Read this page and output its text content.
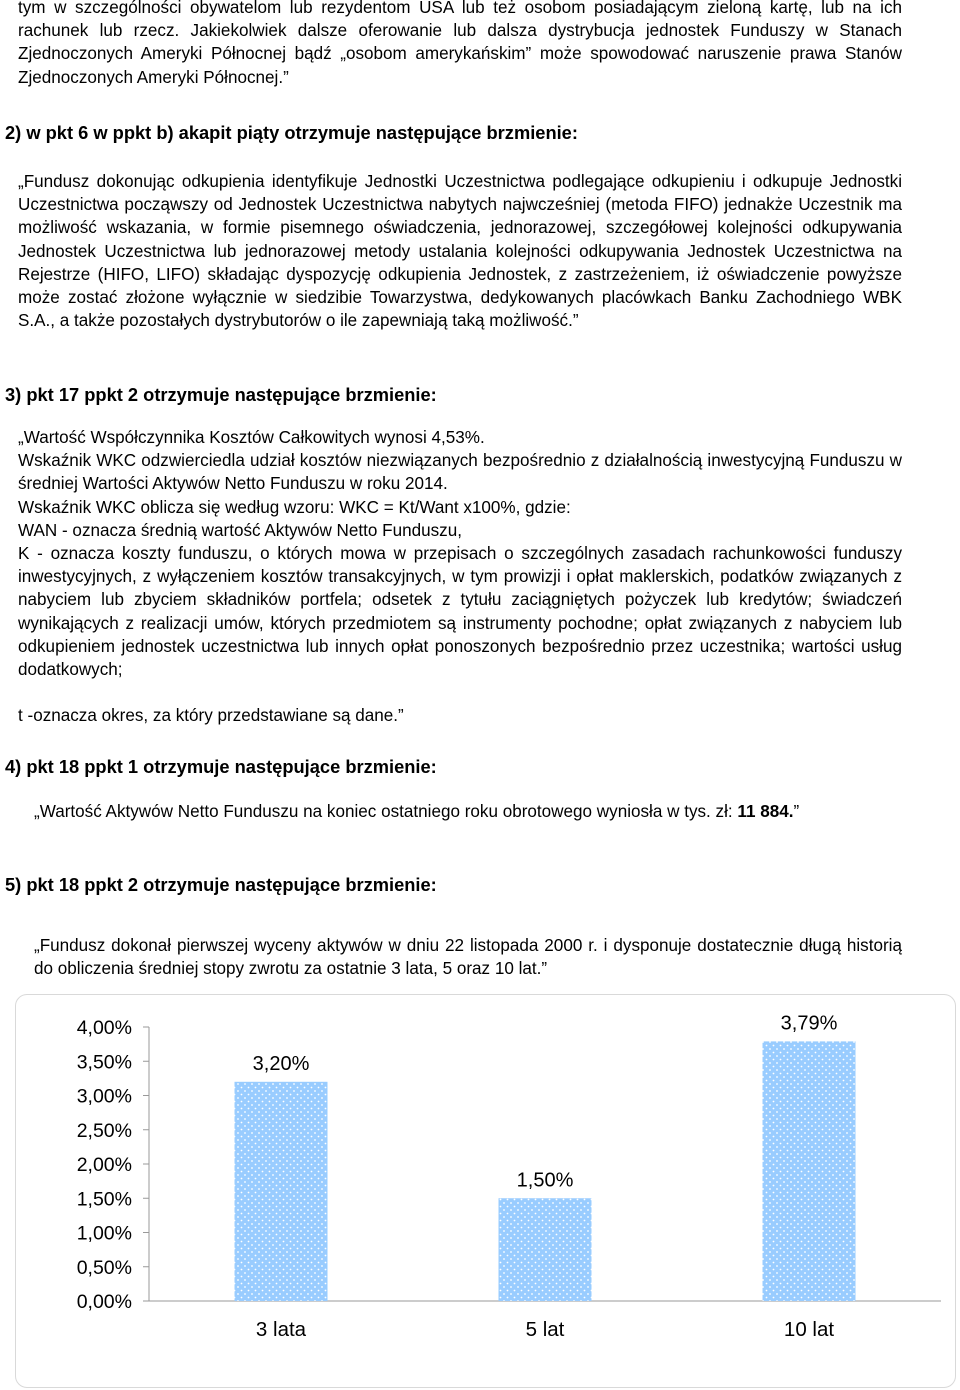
tym w szczególności obywatelom lub rezydentom USA lub też osobom posiadającym zieloną kartę, lub na ich rachunek lub rzecz. Jakiekolwiek dalsze oferowanie lub dalsza dystrybucja jednostek Funduszy w Stanach Zjednoczonych Ameryki Północnej bądź „osobom amerykańskim” może spowodować naruszenie prawa Stanów Zjednoczonych Ameryki Północnej.”

2) w pkt 6 w ppkt b) akapit piąty otrzymuje następujące brzmienie:

„Fundusz dokonując odkupienia identyfikuje Jednostki Uczestnictwa podlegające odkupieniu i odkupuje Jednostki Uczestnictwa począwszy od Jednostek Uczestnictwa nabytych najwcześniej (metoda FIFO) jednakże Uczestnik ma możliwość wskazania, w formie pisemnego oświadczenia, jednorazowej, szczegółowej kolejności odkupywania Jednostek Uczestnictwa lub jednorazowej metody ustalania kolejności odkupywania Jednostek Uczestnictwa na Rejestrze (HIFO, LIFO) składając dyspozycję odkupienia Jednostek, z zastrzeżeniem, iż oświadczenie powyższe może zostać złożone wyłącznie w siedzibie Towarzystwa, dedykowanych placówkach Banku Zachodniego WBK S.A., a także pozostałych dystrybutorów o ile zapewniają taką możliwość.”

3) pkt 17 ppkt 2 otrzymuje następujące brzmienie:

„Wartość Współczynnika Kosztów Całkowitych wynosi 4,53%.

Wskaźnik WKC odzwierciedla udział kosztów niezwiązanych bezpośrednio z działalnością inwestycyjną Funduszu w średniej Wartości Aktywów Netto Funduszu w roku 2014.

Wskaźnik WKC oblicza się według wzoru: WKC = Kt/Want x100%, gdzie:

WAN - oznacza średnią wartość Aktywów Netto Funduszu,

K - oznacza koszty funduszu, o których mowa w przepisach o szczególnych zasadach rachunkowości funduszy inwestycyjnych, z wyłączeniem kosztów transakcyjnych, w tym prowizji i opłat maklerskich, podatków związanych z nabyciem lub zbyciem składników portfela; odsetek z tytułu zaciągniętych pożyczek lub kredytów; świadczeń wynikających z realizacji umów, których przedmiotem są instrumenty pochodne; opłat związanych z nabyciem lub odkupieniem jednostek uczestnictwa lub innych opłat ponoszonych bezpośrednio przez uczestnika; wartości usług dodatkowych;

t -oznacza okres, za który przedstawiane są dane.”

4) pkt 18 ppkt 1 otrzymuje następujące brzmienie:

„Wartość Aktywów Netto Funduszu na koniec ostatniego roku obrotowego wyniosła w tys. zł: 11 884.”

5) pkt 18 ppkt 2 otrzymuje następujące brzmienie:

„Fundusz dokonał pierwszej wyceny aktywów w dniu 22 listopada 2000 r. i dysponuje dostatecznie długą historią do obliczenia średniej stopy zwrotu za ostatnie 3 lata, 5 oraz 10 lat.”

0,00%
0,50%
1,00%
1,50%
2,00%
2,50%
3,00%
3,50%
4,00%
3,20%
3 lata
1,50%
5 lat
3,79%
10 lat
